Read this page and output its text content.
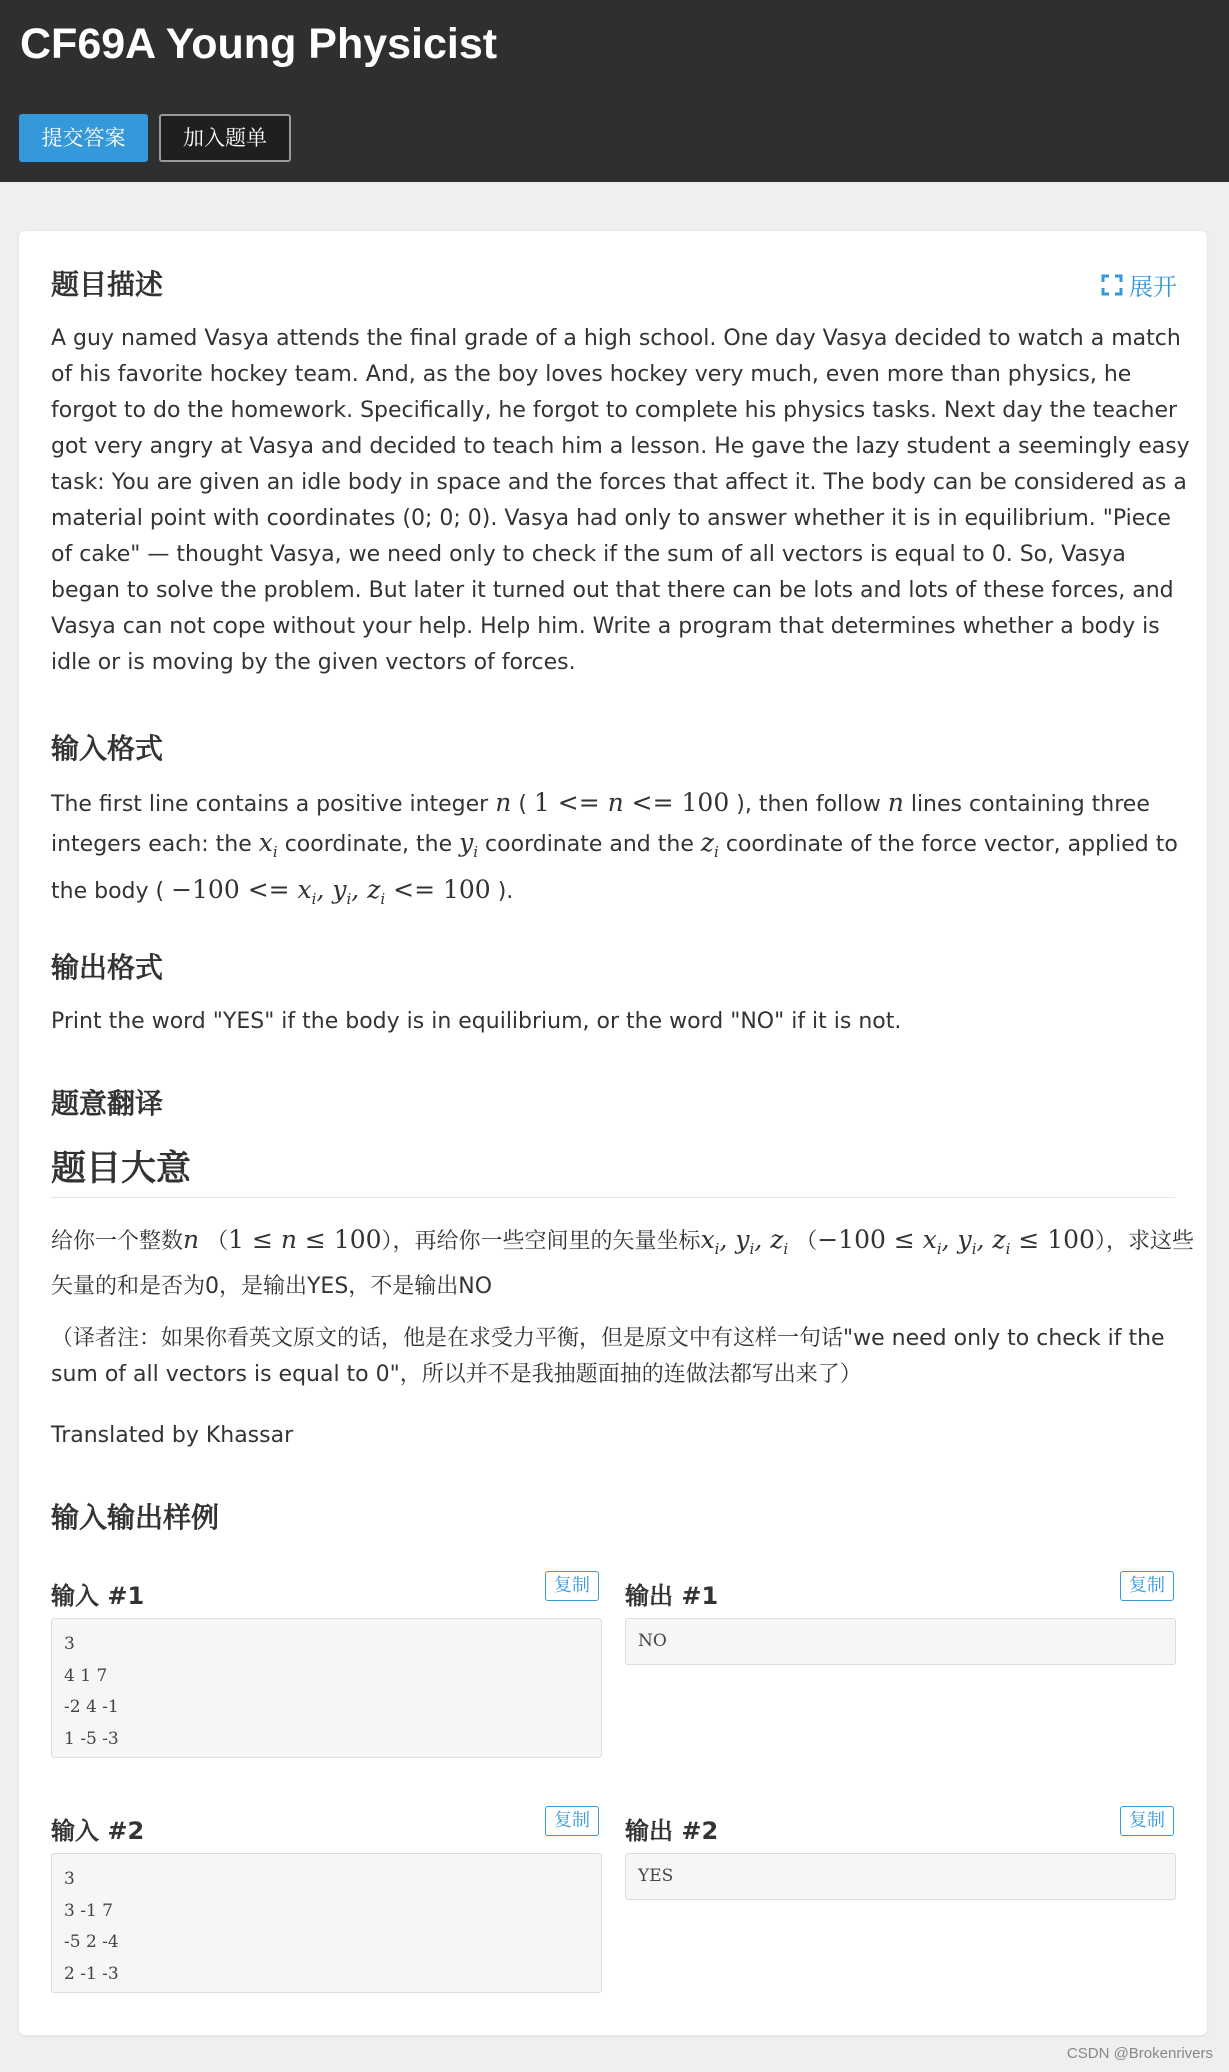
CF69A Young Physicist
提交答案	加入题单
题目描述	展开
A guy named Vasya attends the final grade of a high school. One day Vasya decided to watch a match of his favorite hockey team. And, as the boy loves hockey very much, even more than physics, he forgot to do the homework. Specifically, he forgot to complete his physics tasks. Next day the teacher got very angry at Vasya and decided to teach him a lesson. He gave the lazy student a seemingly easy task: You are given an idle body in space and the forces that affect it. The body can be considered as a material point with coordinates (0; 0; 0). Vasya had only to answer whether it is in equilibrium. "Piece of cake" — thought Vasya, we need only to check if the sum of all vectors is equal to 0. So, Vasya began to solve the problem. But later it turned out that there can be lots and lots of these forces, and Vasya can not cope without your help. Help him. Write a program that determines whether a body is idle or is moving by the given vectors of forces.
输入格式
The first line contains a positive integer n ( 1 <= n <= 100 ), then follow n lines containing three integers each: the $x_i$ coordinate, the $y_i$ coordinate and the $z_i$ coordinate of the force vector, applied to the body ( $-100 <= x_i$, $y_i$, $z_i <= 100$ ).
输出格式
Print the word "YES" if the body is in equilibrium, or the word "NO" if it is not.
题意翻译
题目大意
给你一个整数n （1 ≤ n ≤ 100），再给你一些空间里的矢量坐标$x_i$, $y_i$, $z_i$ （$-100 \le x_i$, $y_i$, $z_i \le 100$），求这些矢量的和是否为0，是输出YES，不是输出NO
（译者注：如果你看英文原文的话，他是在求受力平衡，但是原文中有这样一句话"we need only to check if the sum of all vectors is equal to 0"，所以并不是我抽题面抽的连做法都写出来了）
Translated by Khassar
输入输出样例
输入 #1	复制
3
4 1 7
-2 4 -1
1 -5 -3
输出 #1	复制
NO
输入 #2	复制
3
3 -1 7
-5 2 -4
2 -1 -3
输出 #2	复制
YES
CSDN @Brokenrivers
